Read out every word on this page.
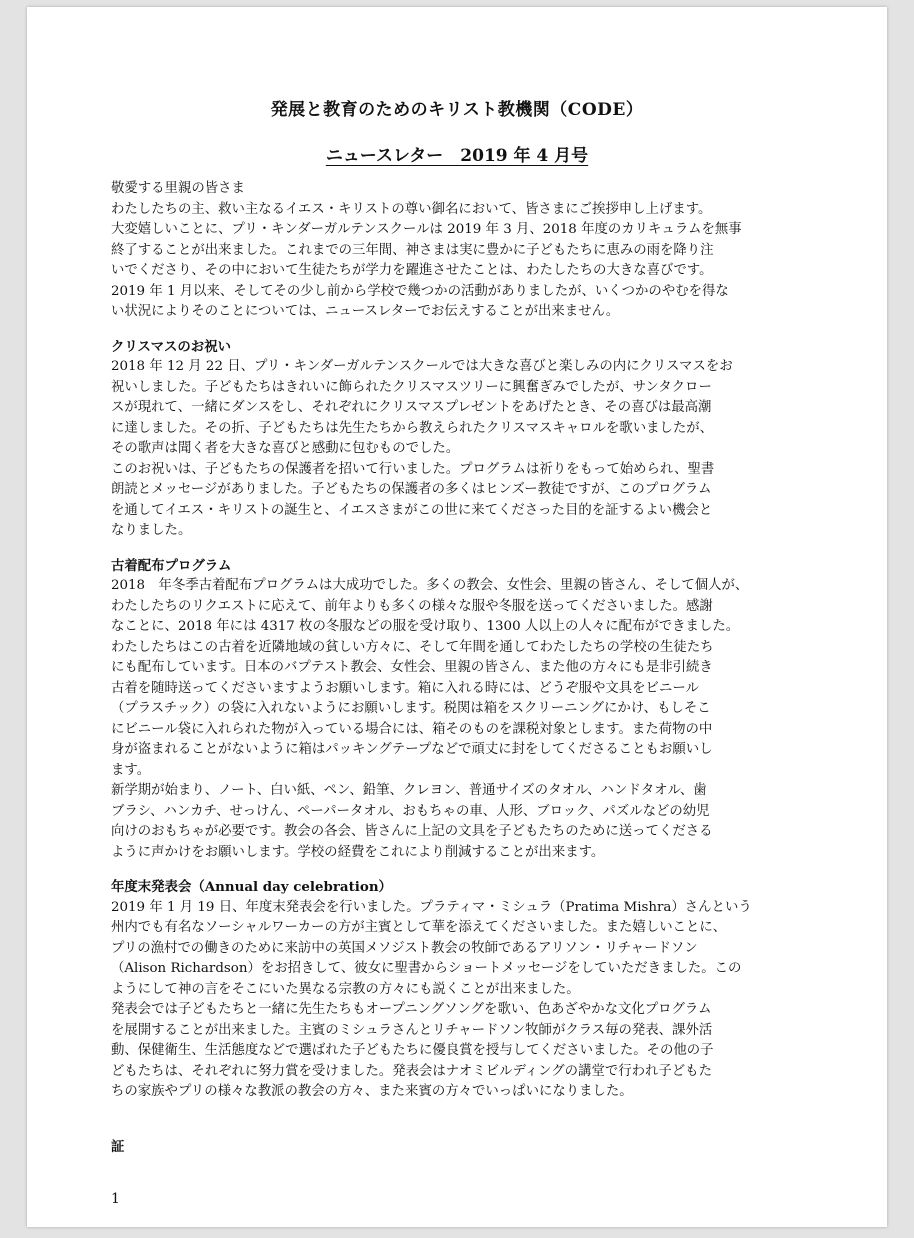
発展と教育のためのキリスト教機関（CODE）
ニュースレター　2019 年 4 月号
敬愛する里親の皆さま
わたしたちの主、救い主なるイエス・キリストの尊い御名において、皆さまにご挨拶申し上げます。
大変嬉しいことに、プリ・キンダーガルテンスクールは 2019 年 3 月、2018 年度のカリキュラムを無事
終了することが出来ました。これまでの三年間、神さまは実に豊かに子どもたちに恵みの雨を降り注
いでくださり、その中において生徒たちが学力を躍進させたことは、わたしたちの大きな喜びです。
2019 年 1 月以来、そしてその少し前から学校で幾つかの活動がありましたが、いくつかのやむを得な
い状況によりそのことについては、ニュースレターでお伝えすることが出来ません。
クリスマスのお祝い
2018 年 12 月 22 日、プリ・キンダーガルテンスクールでは大きな喜びと楽しみの内にクリスマスをお
祝いしました。子どもたちはきれいに飾られたクリスマスツリーに興奮ぎみでしたが、サンタクロー
スが現れて、一緒にダンスをし、それぞれにクリスマスプレゼントをあげたとき、その喜びは最高潮
に達しました。その折、子どもたちは先生たちから教えられたクリスマスキャロルを歌いましたが、
その歌声は聞く者を大きな喜びと感動に包むものでした。
このお祝いは、子どもたちの保護者を招いて行いました。プログラムは祈りをもって始められ、聖書
朗読とメッセージがありました。子どもたちの保護者の多くはヒンズー教徒ですが、このプログラム
を通してイエス・キリストの誕生と、イエスさまがこの世に来てくださった目的を証するよい機会と
なりました。
古着配布プログラム
2018　年冬季古着配布プログラムは大成功でした。多くの教会、女性会、里親の皆さん、そして個人が、
わたしたちのリクエストに応えて、前年よりも多くの様々な服や冬服を送ってくださいました。感謝
なことに、2018 年には 4317 枚の冬服などの服を受け取り、1300 人以上の人々に配布ができました。
わたしたちはこの古着を近隣地域の貧しい方々に、そして年間を通してわたしたちの学校の生徒たち
にも配布しています。日本のバプテスト教会、女性会、里親の皆さん、また他の方々にも是非引続き
古着を随時送ってくださいますようお願いします。箱に入れる時には、どうぞ服や文具をビニール
（プラスチック）の袋に入れないようにお願いします。税関は箱をスクリーニングにかけ、もしそこ
にビニール袋に入れられた物が入っている場合には、箱そのものを課税対象とします。また荷物の中
身が盗まれることがないように箱はパッキングテープなどで頑丈に封をしてくださることもお願いし
ます。
新学期が始まり、ノート、白い紙、ペン、鉛筆、クレヨン、普通サイズのタオル、ハンドタオル、歯
ブラシ、ハンカチ、せっけん、ペーパータオル、おもちゃの車、人形、ブロック、パズルなどの幼児
向けのおもちゃが必要です。教会の各会、皆さんに上記の文具を子どもたちのために送ってくださる
ように声かけをお願いします。学校の経費をこれにより削減することが出来ます。
年度末発表会（Annual day celebration）
2019 年 1 月 19 日、年度末発表会を行いました。プラティマ・ミシュラ（Pratima Mishra）さんという
州内でも有名なソーシャルワーカーの方が主賓として華を添えてくださいました。また嬉しいことに、
プリの漁村での働きのために来訪中の英国メソジスト教会の牧師であるアリソン・リチャードソン
（Alison Richardson）をお招きして、彼女に聖書からショートメッセージをしていただきました。この
ようにして神の言をそこにいた異なる宗教の方々にも説くことが出来ました。
発表会では子どもたちと一緒に先生たちもオープニングソングを歌い、色あざやかな文化プログラム
を展開することが出来ました。主賓のミシュラさんとリチャードソン牧師がクラス毎の発表、課外活
動、保健衛生、生活態度などで選ばれた子どもたちに優良賞を授与してくださいました。その他の子
どもたちは、それぞれに努力賞を受けました。発表会はナオミビルディングの講堂で行われ子どもた
ちの家族やプリの様々な教派の教会の方々、また来賓の方々でいっぱいになりました。
証
1
